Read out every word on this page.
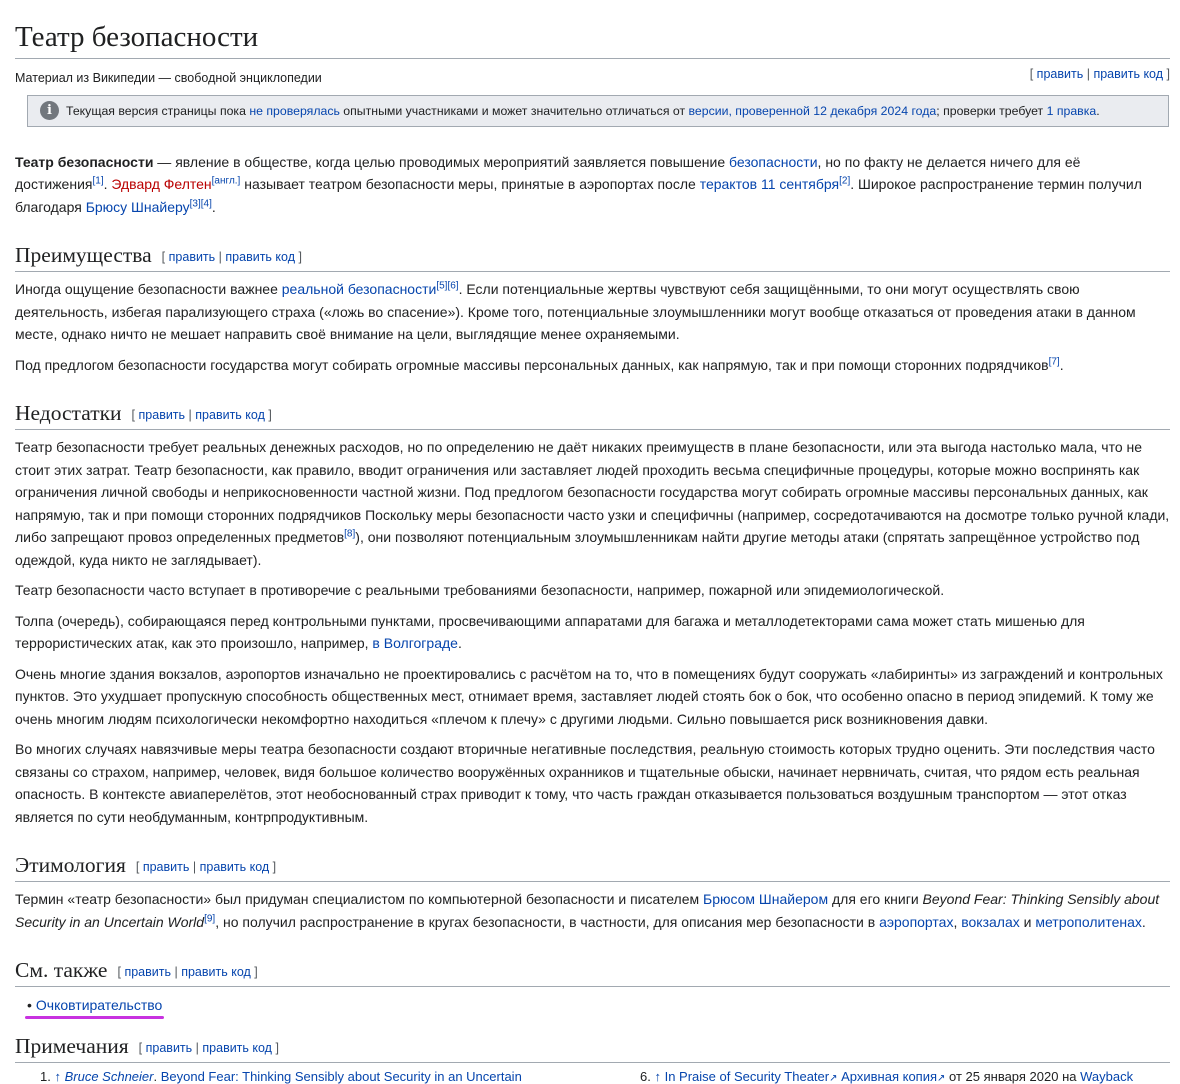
Театр безопасности
Материал из Википедии — свободной энциклопедии	[ править | править код ]
i	Текущая версия страницы пока не проверялась опытными участниками и может значительно отличаться от версии, проверенной 12 декабря 2024 года; проверки требует 1 правка.

Театр безопасности — явление в обществе, когда целью проводимых мероприятий заявляется повышение безопасности, но по факту не делается ничего для её достижения[1]. Эдвард Фелтен[англ.] называет театром безопасности меры, принятые в аэропортах после терактов 11 сентября[2]. Широкое распространение термин получил благодаря Брюсу Шнайеру[3][4].

Преимущества [ править | править код ]

Иногда ощущение безопасности важнее реальной безопасности[5][6]. Если потенциальные жертвы чувствуют себя защищёнными, то они могут осуществлять свою деятельность, избегая парализующего страха («ложь во спасение»). Кроме того, потенциальные злоумышленники могут вообще отказаться от проведения атаки в данном месте, однако ничто не мешает направить своё внимание на цели, выглядящие менее охраняемыми.

Под предлогом безопасности государства могут собирать огромные массивы персональных данных, как напрямую, так и при помощи сторонних подрядчиков[7].

Недостатки [ править | править код ]

Театр безопасности требует реальных денежных расходов, но по определению не даёт никаких преимуществ в плане безопасности, или эта выгода настолько мала, что не стоит этих затрат. Театр безопасности, как правило, вводит ограничения или заставляет людей проходить весьма специфичные процедуры, которые можно воспринять как ограничения личной свободы и неприкосновенности частной жизни. Под предлогом безопасности государства могут собирать огромные массивы персональных данных, как напрямую, так и при помощи сторонних подрядчиков Поскольку меры безопасности часто узки и специфичны (например, сосредотачиваются на досмотре только ручной клади, либо запрещают провоз определенных предметов[8]), они позволяют потенциальным злоумышленникам найти другие методы атаки (спрятать запрещённое устройство под одеждой, куда никто не заглядывает).

Театр безопасности часто вступает в противоречие с реальными требованиями безопасности, например, пожарной или эпидемиологической.

Толпа (очередь), собирающаяся перед контрольными пунктами, просвечивающими аппаратами для багажа и металлодетекторами сама может стать мишенью для террористических атак, как это произошло, например, в Волгограде.

Очень многие здания вокзалов, аэропортов изначально не проектировались с расчётом на то, что в помещениях будут сооружать «лабиринты» из заграждений и контрольных пунктов. Это ухудшает пропускную способность общественных мест, отнимает время, заставляет людей стоять бок о бок, что особенно опасно в период эпидемий. К тому же очень многим людям психологически некомфортно находиться «плечом к плечу» с другими людьми. Сильно повышается риск возникновения давки.

Во многих случаях навязчивые меры театра безопасности создают вторичные негативные последствия, реальную стоимость которых трудно оценить. Эти последствия часто связаны со страхом, например, человек, видя большое количество вооружённых охранников и тщательные обыски, начинает нервничать, считая, что рядом есть реальная опасность. В контексте авиаперелётов, этот необоснованный страх приводит к тому, что часть граждан отказывается пользоваться воздушным транспортом — этот отказ является по сути необдуманным, контрпродуктивным.

Этимология [ править | править код ]

Термин «театр безопасности» был придуман специалистом по компьютерной безопасности и писателем Брюсом Шнайером для его книги Beyond Fear: Thinking Sensibly about Security in an Uncertain World[9], но получил распространение в кругах безопасности, в частности, для описания мер безопасности в аэропортах, вокзалах и метрополитенах.

См. также [ править | править код ]
• Очковтирательство
Примечания [ править | править код ]
1. ↑ Bruce Schneier. Beyond Fear: Thinking Sensibly about Security in an Uncertain	6. ↑ In Praise of Security Theater↗ Архивная копия↗ от 25 января 2020 на Wayback
